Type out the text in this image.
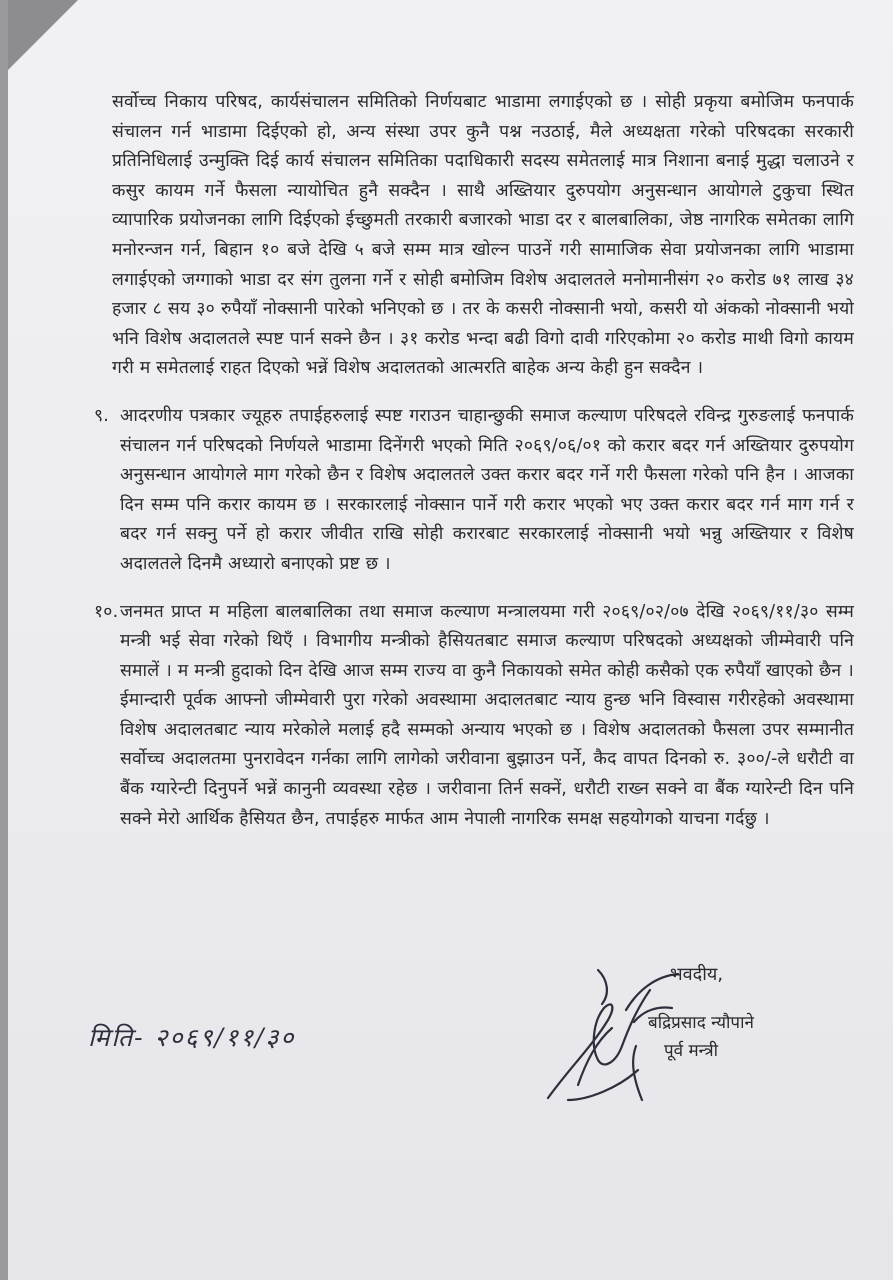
सर्वोच्च निकाय परिषद, कार्यसंचालन समितिको निर्णयबाट भाडामा लगाईएको छ । सोही प्रकृया बमोजिम फनपार्क संचालन गर्न भाडामा दिईएको हो, अन्य संस्था उपर कुनै पश्न नउठाई, मैले अध्यक्षता गरेको परिषदका सरकारी प्रतिनिधिलाई उन्मुक्ति दिई कार्य संचालन समितिका पदाधिकारी सदस्य समेतलाई मात्र निशाना बनाई मुद्धा चलाउने र कसुर कायम गर्ने फैसला न्यायोचित हुनै सक्दैन । साथै अख्तियार दुरुपयोग अनुसन्धान आयोगले टुकुचा स्थित व्यापारिक प्रयोजनका लागि दिईएको ईच्छुमती तरकारी बजारको भाडा दर र बालबालिका, जेष्ठ नागरिक समेतका लागि मनोरन्जन गर्न, बिहान १० बजे देखि ५ बजे सम्म मात्र खोल्न पाउनें गरी सामाजिक सेवा प्रयोजनका लागि भाडामा लगाईएको जग्गाको भाडा दर संग तुलना गर्ने र सोही बमोजिम विशेष अदालतले मनोमानीसंग २० करोड ७१ लाख ३४ हजार ८ सय ३० रुपैयाँ नोक्सानी पारेको भनिएको छ । तर के कसरी नोक्सानी भयो, कसरी यो अंकको नोक्सानी भयो भनि विशेष अदालतले स्पष्ट पार्न सक्ने छैन । ३१ करोड भन्दा बढी विगो दावी गरिएकोमा २० करोड माथी विगो कायम गरी म समेतलाई राहत दिएको भन्नें विशेष अदालतको आत्मरति बाहेक अन्य केही हुन सक्दैन ।

९. आदरणीय पत्रकार ज्यूहरु तपाईहरुलाई स्पष्ट गराउन चाहान्छुकी समाज कल्याण परिषदले रविन्द्र गुरुङलाई फनपार्क संचालन गर्न परिषदको निर्णयले भाडामा दिनेंगरी भएको मिति २०६९/०६/०१ को करार बदर गर्न अख्तियार दुरुपयोग अनुसन्धान आयोगले माग गरेको छैन र विशेष अदालतले उक्त करार बदर गर्ने गरी फैसला गरेको पनि हैन । आजका दिन सम्म पनि करार कायम छ । सरकारलाई नोक्सान पार्ने गरी करार भएको भए उक्त करार बदर गर्न माग गर्न र बदर गर्न सक्नु पर्ने हो करार जीवीत राखि सोही करारबाट सरकारलाई नोक्सानी भयो भन्नु अख्तियार र विशेष अदालतले दिनमै अध्यारो बनाएको प्रष्ट छ ।

१०. जनमत प्राप्त म महिला बालबालिका तथा समाज कल्याण मन्त्रालयमा गरी २०६९/०२/०७ देखि २०६९/११/३० सम्म मन्त्री भई सेवा गरेको थिएँ । विभागीय मन्त्रीको हैसियतबाट समाज कल्याण परिषदको अध्यक्षको जीम्मेवारी पनि समालें । म मन्त्री हुदाको दिन देखि आज सम्म राज्य वा कुनै निकायको समेत कोही कसैको एक रुपैयाँ खाएको छैन । ईमान्दारी पूर्वक आफ्नो जीम्मेवारी पुरा गरेको अवस्थामा अदालतबाट न्याय हुन्छ भनि विस्वास गरीरहेको अवस्थामा विशेष अदालतबाट न्याय मरेकोले मलाई हदै सम्मको अन्याय भएको छ । विशेष अदालतको फैसला उपर सम्मानीत सर्वोच्च अदालतमा पुनरावेदन गर्नका लागि लागेको जरीवाना बुझाउन पर्ने, कैद वापत दिनको रु. ३००/-ले धरौटी वा बैंक ग्यारेन्टी दिनुपर्ने भन्नें कानुनी व्यवस्था रहेछ । जरीवाना तिर्न सक्नें, धरौटी राख्न सक्ने वा बैंक ग्यारेन्टी दिन पनि सक्ने मेरो आर्थिक हैसियत छैन, तपाईहरु मार्फत आम नेपाली नागरिक समक्ष सहयोगको याचना गर्दछु ।

मिति- २०६९/११/३०
भवदीय,
बद्रिप्रसाद न्यौपाने
पूर्व मन्त्री
